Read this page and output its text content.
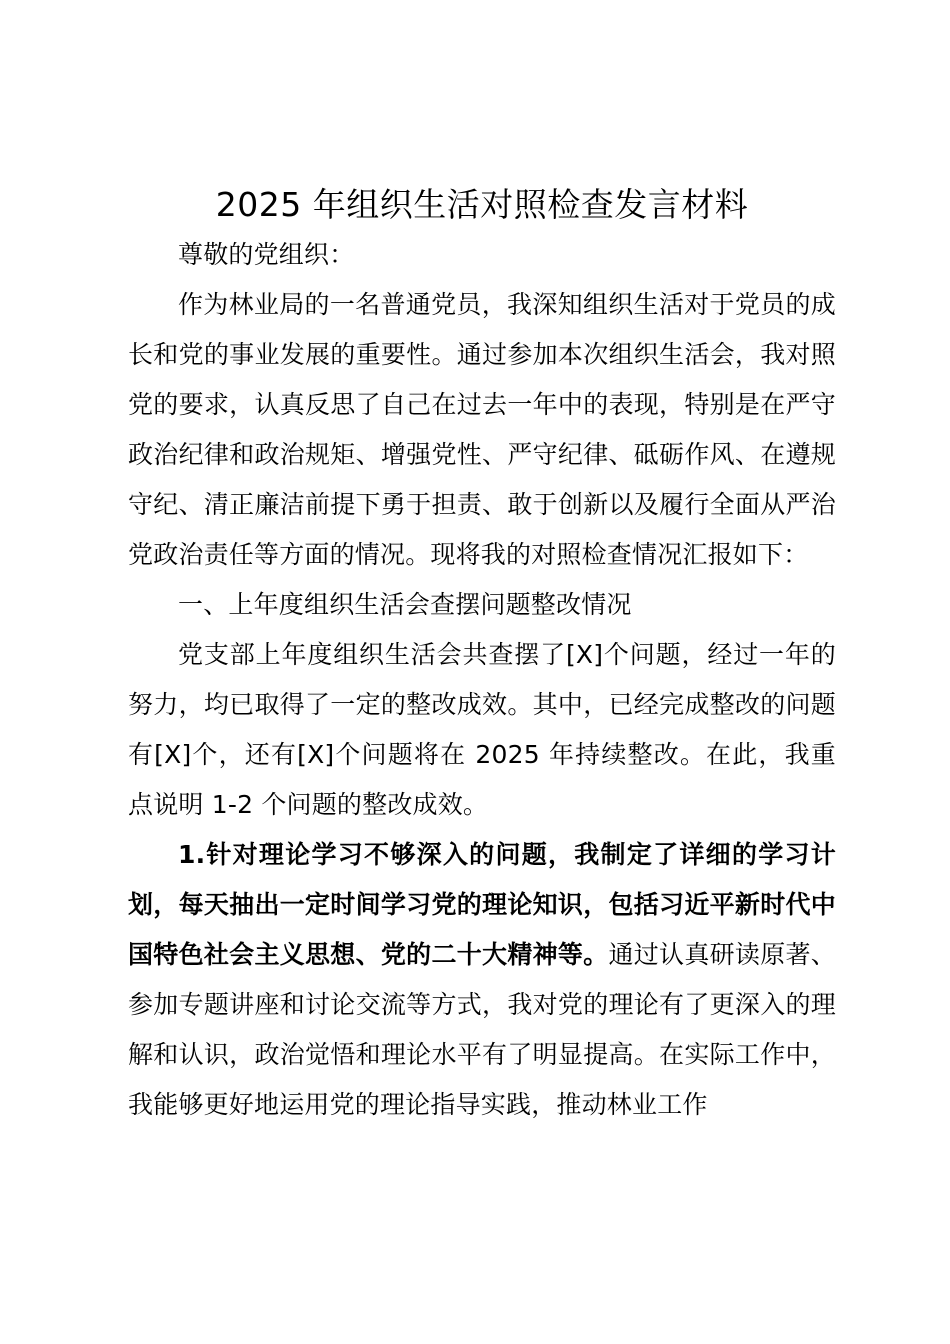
2025 年组织生活对照检查发言材料

尊敬的党组织：

作为林业局的一名普通党员，我深知组织生活对于党员的成长和党的事业发展的重要性。通过参加本次组织生活会，我对照党的要求，认真反思了自己在过去一年中的表现，特别是在严守政治纪律和政治规矩、增强党性、严守纪律、砥砺作风、在遵规守纪、清正廉洁前提下勇于担责、敢于创新以及履行全面从严治党政治责任等方面的情况。现将我的对照检查情况汇报如下：

一、上年度组织生活会查摆问题整改情况

党支部上年度组织生活会共查摆了[X]个问题，经过一年的努力，均已取得了一定的整改成效。其中，已经完成整改的问题有[X]个，还有[X]个问题将在 2025 年持续整改。在此，我重点说明 1-2 个问题的整改成效。

1.针对理论学习不够深入的问题，我制定了详细的学习计划，每天抽出一定时间学习党的理论知识，包括习近平新时代中国特色社会主义思想、党的二十大精神等。通过认真研读原著、参加专题讲座和讨论交流等方式，我对党的理论有了更深入的理解和认识，政治觉悟和理论水平有了明显提高。在实际工作中，我能够更好地运用党的理论指导实践，推动林业工作
